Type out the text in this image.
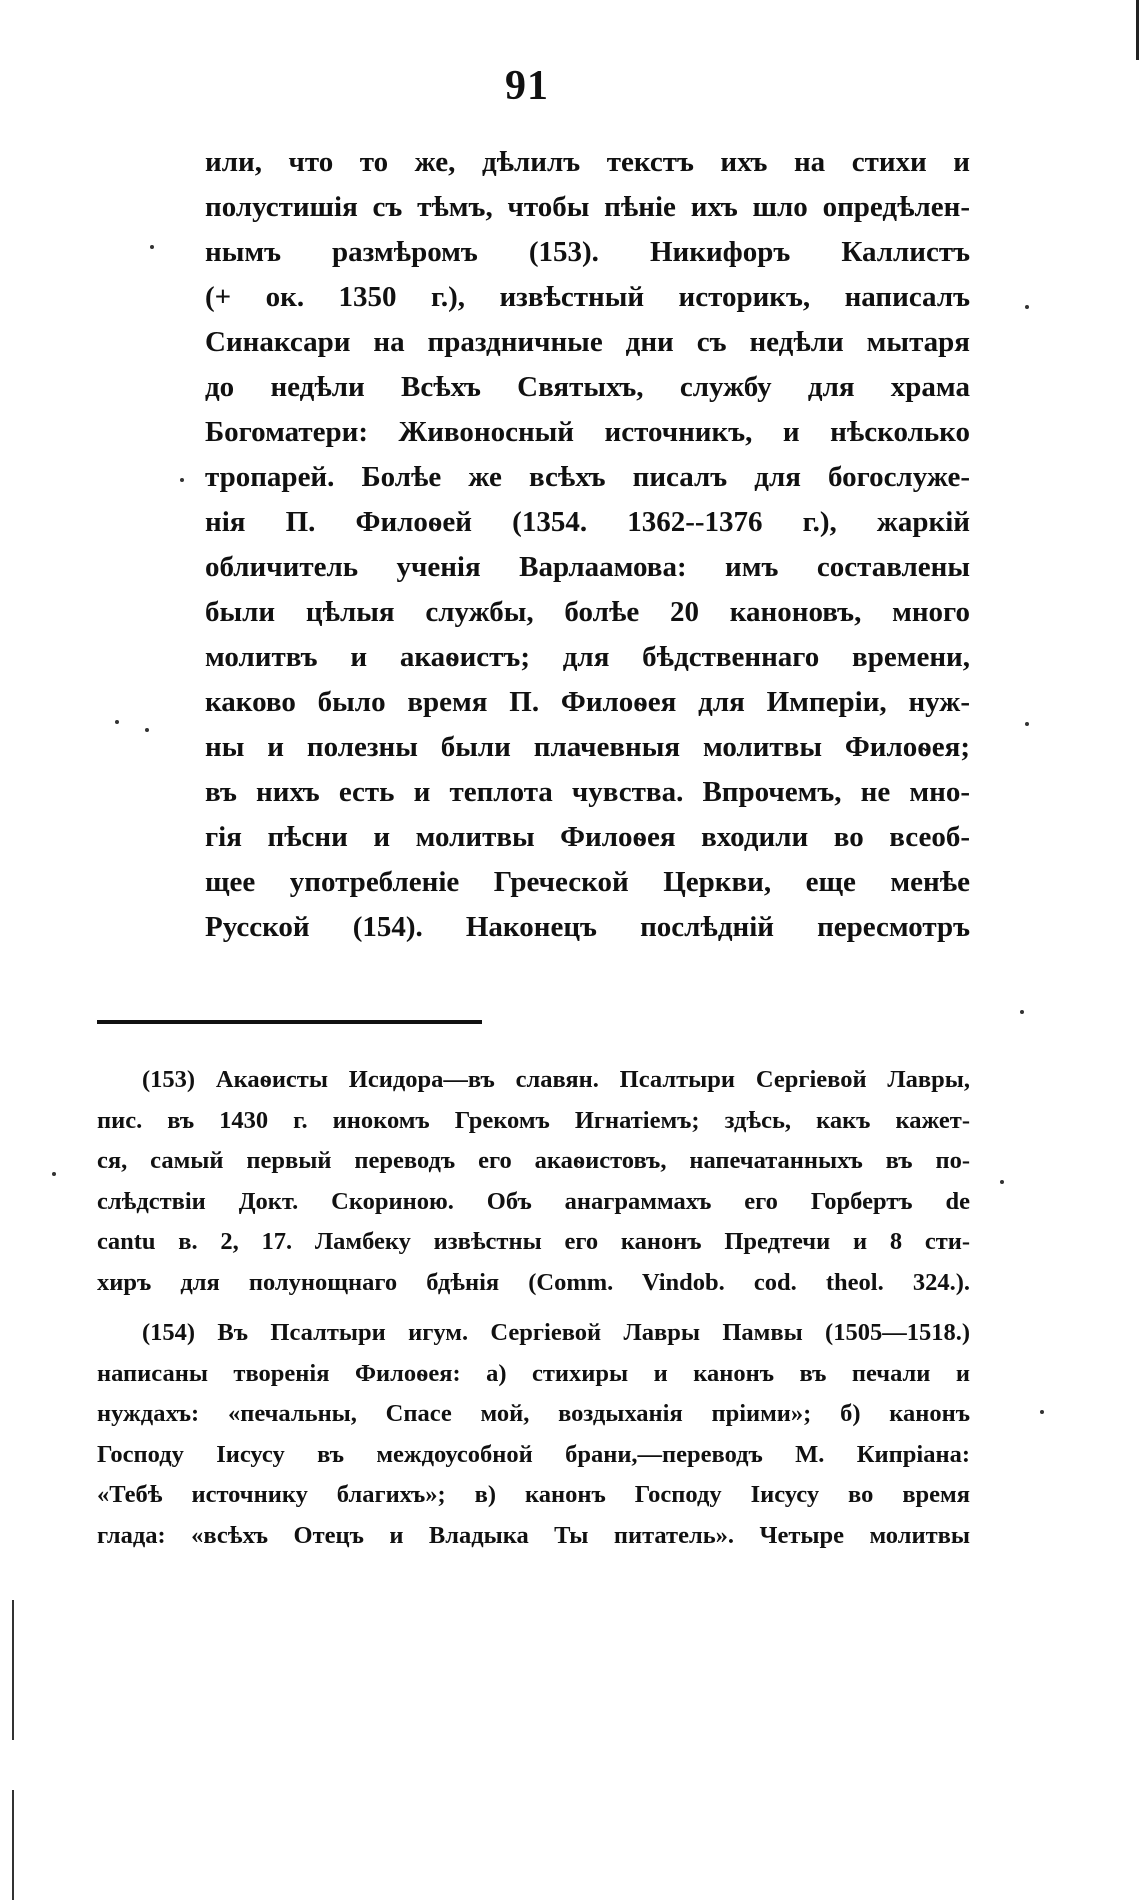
91
или, что то же, дѣлилъ текстъ ихъ на стихи и
полустишія съ тѣмъ, чтобы пѣніе ихъ шло опредѣлен-
нымъ размѣромъ (153). Никифоръ Каллистъ
(+ ок. 1350 г.), извѣстный историкъ, написалъ
Синаксари на праздничные дни съ недѣли мытаря
до недѣли Всѣхъ Святыхъ, службу для храма
Богоматери: Живоносный источникъ, и нѣсколько
тропарей. Болѣе же всѣхъ писалъ для богослуже-
нія П. Филоѳей (1354. 1362--1376 г.), жаркій
обличитель ученія Варлаамова: имъ составлены
были цѣлыя службы, болѣе 20 каноновъ, много
молитвъ и акаѳистъ; для бѣдственнаго времени,
каково было время П. Филоѳея для Имперіи, нуж-
ны и полезны были плачевныя молитвы Филоѳея;
въ нихъ есть и теплота чувства. Впрочемъ, не мно-
гія пѣсни и молитвы Филоѳея входили во всеоб-
щее употребленіе Греческой Церкви, еще менѣе
Русской (154). Наконецъ послѣдній пересмотръ
(153) Акаѳисты Исидора—въ славян. Псалтыри Сергіевой Лавры,
пис. въ 1430 г. инокомъ Грекомъ Игнатіемъ; здѣсь, какъ кажет-
ся, самый первый переводъ его акаѳистовъ, напечатанныхъ въ по-
слѣдствіи Докт. Скориною. Объ анаграммахъ его Горбертъ de
cantu в. 2, 17. Ламбеку извѣстны его канонъ Предтечи и 8 сти-
хиръ для полунощнаго бдѣнія (Comm. Vindob. cod. theol. 324.).
(154) Въ Псалтыри игум. Сергіевой Лавры Памвы (1505—1518.)
написаны творенія Филоѳея: а) стихиры и канонъ въ печали и
нуждахъ: «печальны, Спасе мой, воздыханія пріими»; б) канонъ
Господу Іисусу въ междоусобной брани,—переводъ М. Кипріана:
«Тебѣ источнику благихъ»; в) канонъ Господу Іисусу во время
глада: «всѣхъ Отецъ и Владыка Ты питатель». Четыре молитвы
